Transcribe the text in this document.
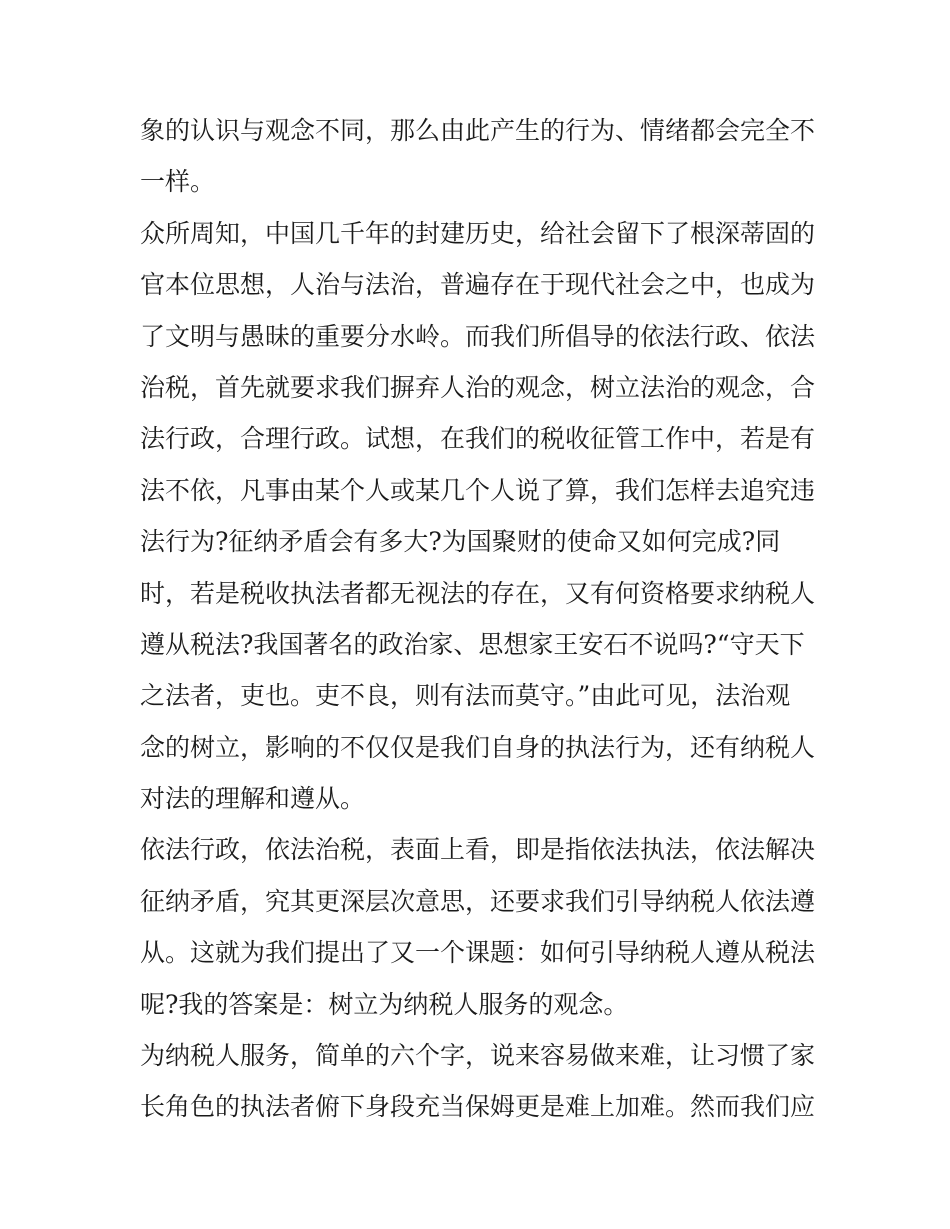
象的认识与观念不同，那么由此产生的行为、情绪都会完全不
一样。
众所周知，中国几千年的封建历史，给社会留下了根深蒂固的
官本位思想，人治与法治，普遍存在于现代社会之中，也成为
了文明与愚昧的重要分水岭。而我们所倡导的依法行政、依法
治税，首先就要求我们摒弃人治的观念，树立法治的观念，合
法行政，合理行政。试想，在我们的税收征管工作中，若是有
法不依，凡事由某个人或某几个人说了算，我们怎样去追究违
法行为?征纳矛盾会有多大?为国聚财的使命又如何完成?同
时，若是税收执法者都无视法的存在，又有何资格要求纳税人
遵从税法?我国著名的政治家、思想家王安石不说吗?“守天下
之法者，吏也。吏不良，则有法而莫守。”由此可见，法治观
念的树立，影响的不仅仅是我们自身的执法行为，还有纳税人
对法的理解和遵从。
依法行政，依法治税，表面上看，即是指依法执法，依法解决
征纳矛盾，究其更深层次意思，还要求我们引导纳税人依法遵
从。这就为我们提出了又一个课题：如何引导纳税人遵从税法
呢?我的答案是：树立为纳税人服务的观念。
为纳税人服务，简单的六个字，说来容易做来难，让习惯了家
长角色的执法者俯下身段充当保姆更是难上加难。然而我们应
